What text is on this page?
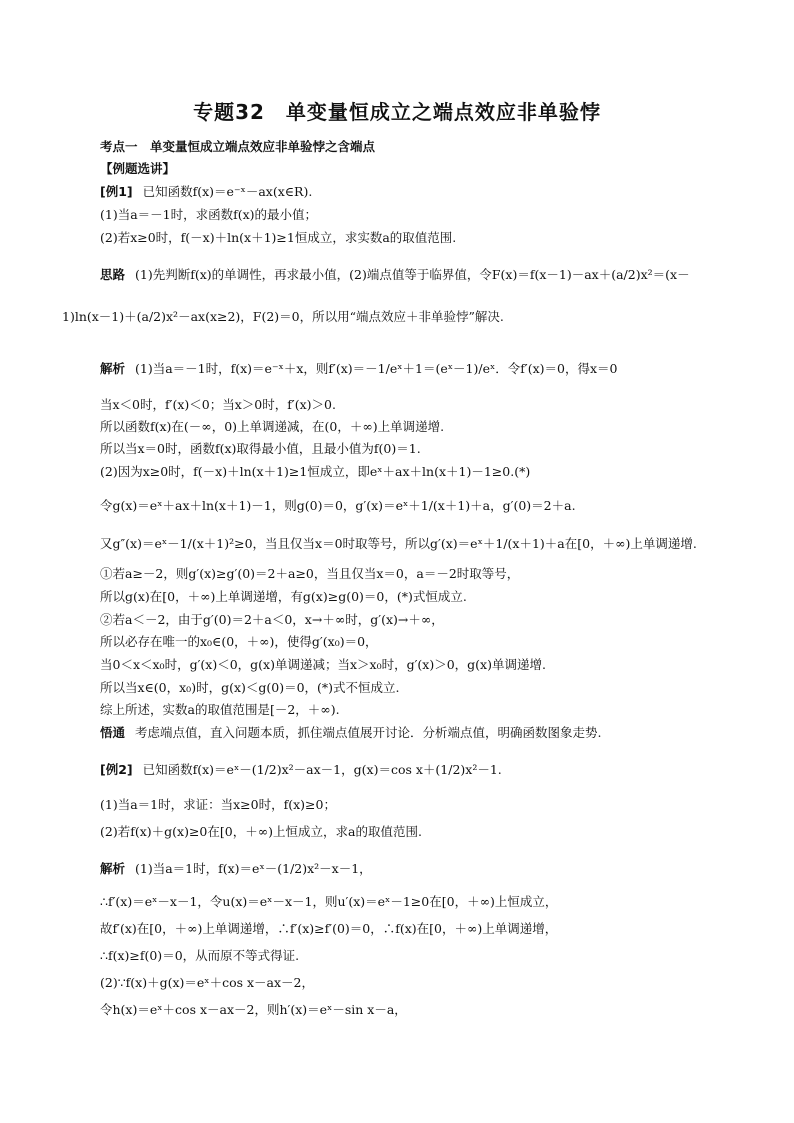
专题32　单变量恒成立之端点效应非单验悖
考点一　单变量恒成立端点效应非单验悖之含端点
【例题选讲】
[例1] 已知函数f(x)＝e⁻ˣ－ax(x∈R).
(1)当a＝－1时，求函数f(x)的最小值；
(2)若x≥0时，f(－x)＋ln(x＋1)≥1恒成立，求实数a的取值范围.
思路 (1)先判断f(x)的单调性，再求最小值，(2)端点值等于临界值，令F(x)＝f(x－1)－ax＋(a/2)x²＝(x－
1)ln(x－1)＋(a/2)x²－ax(x≥2)，F(2)＝0，所以用“端点效应＋非单验悖”解决.
解析 (1)当a＝－1时，f(x)＝e⁻ˣ＋x，则f′(x)＝－1/eˣ＋1＝(eˣ－1)/eˣ．令f′(x)＝0，得x＝0
当x＜0时，f′(x)＜0；当x＞0时，f′(x)＞0.
所以函数f(x)在(－∞，0)上单调递减，在(0，＋∞)上单调递增.
所以当x＝0时，函数f(x)取得最小值，且最小值为f(0)＝1.
(2)因为x≥0时，f(－x)＋ln(x＋1)≥1恒成立，即eˣ＋ax＋ln(x＋1)－1≥0.(*)
令g(x)＝eˣ＋ax＋ln(x＋1)－1，则g(0)＝0，g′(x)＝eˣ＋1/(x＋1)＋a，g′(0)＝2＋a.
又g″(x)＝eˣ－1/(x＋1)²≥0，当且仅当x＝0时取等号，所以g′(x)＝eˣ＋1/(x＋1)＋a在[0，＋∞)上单调递增.
①若a≥－2，则g′(x)≥g′(0)＝2＋a≥0，当且仅当x＝0，a＝－2时取等号，
所以g(x)在[0，＋∞)上单调递增，有g(x)≥g(0)＝0，(*)式恒成立.
②若a＜－2，由于g′(0)＝2＋a＜0，x→＋∞时，g′(x)→＋∞，
所以必存在唯一的x₀∈(0，＋∞)，使得g′(x₀)＝0，
当0＜x＜x₀时，g′(x)＜0，g(x)单调递减；当x＞x₀时，g′(x)＞0，g(x)单调递增.
所以当x∈(0，x₀)时，g(x)＜g(0)＝0，(*)式不恒成立.
综上所述，实数a的取值范围是[－2，＋∞).
悟通 考虑端点值，直入问题本质，抓住端点值展开讨论．分析端点值，明确函数图象走势.
[例2] 已知函数f(x)＝eˣ－(1/2)x²－ax－1，g(x)＝cos x＋(1/2)x²－1.
(1)当a＝1时，求证：当x≥0时，f(x)≥0；
(2)若f(x)＋g(x)≥0在[0，＋∞)上恒成立，求a的取值范围.
解析 (1)当a＝1时，f(x)＝eˣ－(1/2)x²－x－1，
∴f′(x)＝eˣ－x－1，令u(x)＝eˣ－x－1，则u′(x)＝eˣ－1≥0在[0，＋∞)上恒成立，
故f′(x)在[0，＋∞)上单调递增，∴f′(x)≥f′(0)＝0，∴f(x)在[0，＋∞)上单调递增，
∴f(x)≥f(0)＝0，从而原不等式得证.
(2)∵f(x)＋g(x)＝eˣ＋cos x－ax－2，
令h(x)＝eˣ＋cos x－ax－2，则h′(x)＝eˣ－sin x－a，
